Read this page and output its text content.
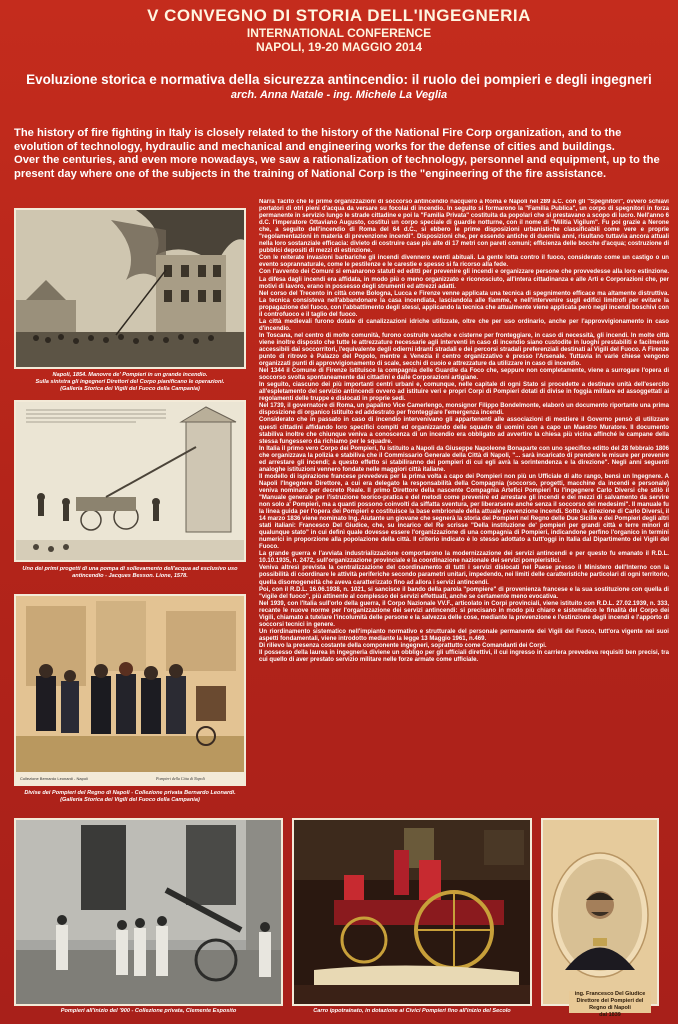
V CONVEGNO DI STORIA DELL'INGEGNERIA
INTERNATIONAL CONFERENCE
NAPOLI, 19-20 MAGGIO 2014
Evoluzione storica e normativa della sicurezza antincendio: il ruolo dei pompieri e degli ingegneri
arch. Anna Natale - ing. Michele La Veglia

The history of fire fighting in Italy is closely related to the history of the National Fire Corp organization, and to the evolution of technology, hydraulic and mechanical and engineering works for the defense of cities and buildings.

Over the centuries, and even more nowadays, we saw a rationalization of technology, personnel and equipment, up to the present day where one of the subjects in the training of National Corp is the "engineering of the fire assistance.

Napoli, 1854. Manovre de' Pompieri in un grande incendio.
Sulla sinistra gli ingegneri Direttori del Corpo pianificano le operazioni.
(Galleria Storica dei Vigili del Fuoco della Campania)
Uno dei primi progetti di una pompa di sollevamento dell'acqua ad esclusivo uso
antincendio - Jacques Besson. Lione, 1578.
Collezione Bernardo Leonardi - Napoli	Pompieri della Citta di Napoli
Divise dei Pompieri del Regno di Napoli - Collezione privata Bernardo Leonardi.
(Galleria Storica dei Vigili del Fuoco della Campania)

Narra Tacito che le prime organizzazioni di soccorso antincendio nacquero a Roma e Napoli nel 289 a.C. con gli "Spegnitori", ovvero schiavi portatori di otri pieni d'acqua da versare su focolai di incendio. In seguito si formarono la "Familia Publica", un corpo di spegnitori in forza permanente in servizio lungo le strade cittadine e poi la "Familia Privata" costituita da popolari che si prestavano a scopo di lucro. Nell'anno 6 d.C. l'imperatore Ottaviano Augusto, costituì un corpo speciale di guardie notturne, con il nome di "Militia Vigilum". Fu poi grazie a Nerone che, a seguito dell'incendio di Roma del 64 d.C., si ebbero le prime disposizioni urbanistiche classificabili come vere e proprie "regolamentazioni in materia di prevenzione incendi". Disposizioni che, per essendo antiche di duemila anni, risultano tuttavia ancora attuali nella loro sostanziale efficacia: divieto di costruire case più alte di 17 metri con pareti comuni; efficienza delle bocche d'acqua; costruzione di pubblici depositi di mezzi di estinzione.

Con le reiterate invasioni barbariche gli incendi divennero eventi abituali. La gente lotta contro il fuoco, considerato come un castigo o un evento soprannaturale, come le pestilenze e le carestie e spesso si fa ricorso alla fede.

Con l'avvento dei Comuni si emanarono statuti ed editti per prevenire gli incendi e organizzare persone che provvedesse alla loro estinzione. La difesa dagli incendi era affidata, in modo più o meno organizzato e riconosciuto, all'intera cittadinanza e alle Arti e Corporazioni che, per motivi di lavoro, erano in possesso degli strumenti ed attrezzi adatti.

Nel corso del Trecento in città come Bologna, Lucca e Firenze venne applicata una tecnica di spegnimento efficace ma altamente distruttiva. La tecnica consisteva nell'abbandonare la casa incendiata, lasciandola alle fiamme, e nell'intervenire sugli edifici limitrofi per evitare la propagazione del fuoco, con l'abbattimento degli stessi, applicando la tecnica che attualmente viene applicata però negli incendi boschivi con il controfuoco e il taglio del fuoco.

La città medievali furono dotate di canalizzazioni idriche utilizzate, oltre che per uso ordinario, anche per l'approvvigionamento in caso d'incendio.

In Toscana, nel centro di molte comunità, furono costruite vasche e cisterne per fronteggiare, in caso di necessità, gli incendi. In molte città viene inoltre disposto che tutte le attrezzature necessarie agli interventi in caso di incendio siano custodite in luoghi prestabiliti e facilmente accessibili dai soccorritori, l'equivalente degli odierni idranti stradali e dei percorsi stradali preferenziali destinati ai Vigili del Fuoco. A Firenze punto di ritrovo è Palazzo del Popolo, mentre a Venezia il centro organizzativo è presso l'Arsenale. Tuttavia in varie chiese vengono organizzati punti di approvvigionamento di scale, secchi di cuoio e attrezzature da utilizzare in caso di incendio.

Nel 1344 il Comune di Firenze istituisce la compagnia delle Guardie da Foco che, seppure non completamente, viene a surrogare l'opera di soccorso svolta spontaneamente dai cittadini e dalle Corporazioni artigiane.

In seguito, ciascuno dei più importanti centri urbani e, comunque, nelle capitale di ogni Stato si procedette a destinare unità dell'esercito all'espletamento del servizio antincendi ovvero ad istituire veri e propri Corpi di Pompieri dotati di divise in foggia militare ed assoggettati ai regolamenti delle truppe e dislocati in proprie sedi.

Nel 1739, il governatore di Roma, un papalino Vice Camerlengo, monsignor Filippo Bondelmonte, elaborò un documento riportante una prima disposizione di organico istituito ed addestrato per fronteggiare l'emergenza incendi.

Considerato che in passato in caso di incendio intervenivano gli appartenenti alle associazioni di mestiere il Governo pensò di utilizzare questi cittadini affidando loro specifici compiti ed organizzando delle squadre di uomini con a capo un Maestro Muratore. Il documento stabiliva inoltre che chiunque veniva a conoscenza di un incendio era obbligato ad avvertire la chiesa più vicina affinché le campane della stessa fungessero da richiamo per le squadre.

In Italia il primo vero Corpo dei Pompieri, fu istituito a Napoli da Giuseppe Napoleone Bonaparte con uno specifico editto del 28 febbraio 1806 che organizzava la polizia e stabiliva che il Commissario Generale della Città di Napoli, "... sarà incaricato di prendere le misure per prevenire ed arrestare gli incendi; a questo effetto si stabiliranno dei pompieri di cui egli avrà la sorintendenza e la direzione". Negli anni seguenti analoghe istituzioni vennero fondate nelle maggiori città italiane.

Il modello di ispirazione francese prevedeva per la prima volta a capo dei Pompieri non più un Ufficiale di alto rango, bensì un Ingegnere. A Napoli l'Ingegnere Direttore, a cui era delegato la responsabilità della Compagnia (soccorso, progetti, macchine da incendi e personale) veniva nominato per decreto Reale. Il primo Direttore della nascente Compagnia Artefici Pompieri fu l'ingegnere Carlo Diversi che stilò il "Manuale generale per l'istruzione teorico-pratica e del metodi come prevenire ed arrestare gli incendi e dei mezzi di salvamento da servire non solo a' Pompieri, ma a quanti possono coinvolti da siffatta sventura, per liberarsene anche senza il soccorso dei medesimi". Il manuale fu la linea guida per l'opera dei Pompieri e costituisce la base embrionale della attuale prevenzione incendi. Sotto la direzione di Carlo Diversi, il 14 marzo 1836 viene nominato Ing. Aiutante un giovane che segnerà la storia dei Pompieri nel Regno delle Due Sicilie e dei Pompieri degli altri stati italiani: Francesco Del Giudice, che, su incarico del Re scrisse "Della instituzione de' pompieri per grandi città e terre minori di qualunque stato" in cui definì quale dovesse essere l'organizzazione di una compagnia di Pompieri, indicandone perfino l'organico in termini numerici in proporzione alla popolazione della città. Il criterio indicato è lo stesso adottato a tutt'oggi in Italia dal Dipartimento dei Vigili del Fuoco.

La grande guerra e l'avviata industrializzazione comportarono la modernizzazione dei servizi antincendi e per questo fu emanato il R.D.L. 10.10.1935, n. 2472, sull'organizzazione provinciale e la coordinazione nazionale dei servizi pompieristici.

Veniva altresì prevista la centralizzazione del coordinamento di tutti i servizi dislocati nel Paese presso il Ministero dell'Interno con la possibilità di coordinare le attività periferiche secondo parametri unitari, impedendo, nei limiti delle caratteristiche particolari di ogni territorio, quella disomogeneità che aveva caratterizzato fino ad allora i servizi antincendi.

Poi, con il R.D.L. 16.06.1938, n. 1021, si sancisce il bando della parola "pompiere" di provenienza francese e la sua sostituzione con quella di "vigile del fuoco", più attinente al complesso dei servizi effettuati, anche se certamente meno evocativa.

Nel 1939, con l'Italia sull'orlo della guerra, il Corpo Nazionale VV.F., articolato in Corpi provinciali, viene istituito con R.D.L. 27.02.1939, n. 333, recante le nuove norme per l'organizzazione dei servizi antincendi: si precisano in modo più chiaro e sistematico le finalità del Corpo dei Vigili, chiamato a tutelare l'incolumità delle persone e la salvezza delle cose, mediante la prevenzione e l'estinzione degli incendi e l'apporto di soccorsi tecnici in genere.

Un riordinamento sistematico nell'impianto normativo e strutturale del personale permanente dei Vigili del Fuoco, tutt'ora vigente nei suoi aspetti fondamentali, viene introdotto mediante la legge 13 Maggio 1961, n.469.

Di rilievo la presenza costante della componente ingegneri, soprattutto come Comandanti dei Corpi.

Il possesso della laurea in ingegneria diviene un obbligo per gli ufficiali direttivi, il cui ingresso in carriera prevedeva requisiti ben precisi, tra cui quello di aver prestato servizio militare nelle forze armate come ufficiale.

Pompieri all'inizio del '900 - Collezione privata, Clemente Esposito	Carro ippotrainato, in dotazione ai Civici Pompieri fino all'inizio del Secolo
ing. Francesco Del Giudice
Direttore dei Pompieri del Regno di Napoli
dal 1839
